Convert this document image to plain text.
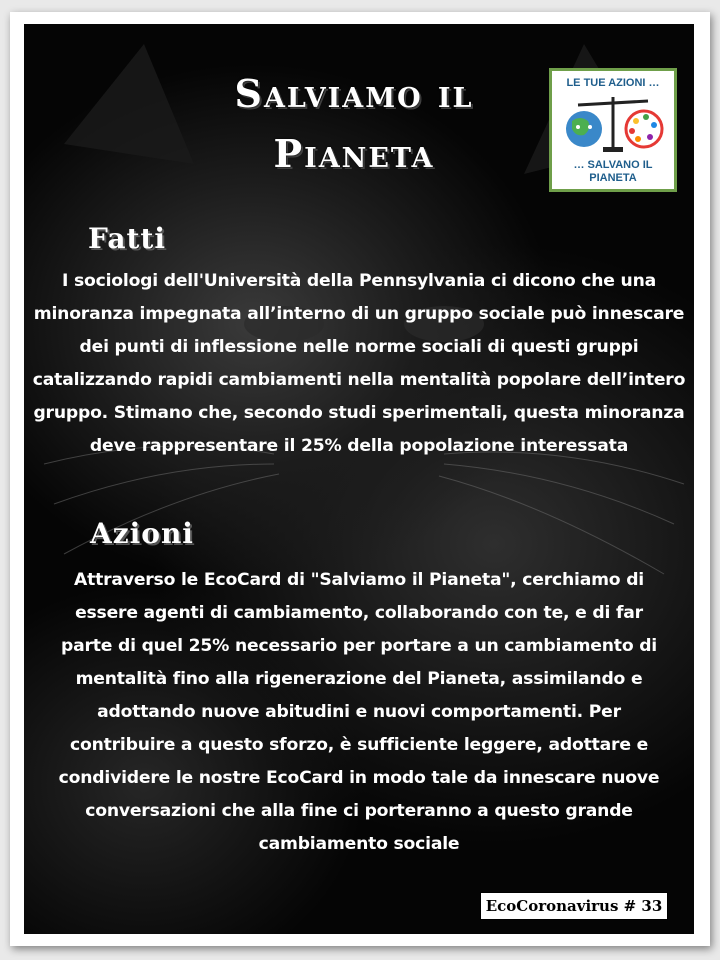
Salviamo il Pianeta
LE TUE AZIONI …
… SALVANO IL PIANETA
Fatti
I sociologi dell'Università della Pennsylvania ci dicono che una minoranza impegnata all’interno di un gruppo sociale può innescare dei punti di inflessione nelle norme sociali di questi gruppi catalizzando rapidi cambiamenti nella mentalità popolare dell’intero gruppo. Stimano che, secondo studi sperimentali, questa minoranza deve rappresentare il 25% della popolazione interessata
Azioni
Attraverso le EcoCard di "Salviamo il Pianeta", cerchiamo di essere agenti di cambiamento, collaborando con te, e di far parte di quel 25% necessario per portare a un cambiamento di mentalità fino alla rigenerazione del Pianeta, assimilando e adottando nuove abitudini e nuovi comportamenti. Per contribuire a questo sforzo, è sufficiente leggere, adottare e condividere le nostre EcoCard in modo tale da innescare nuove conversazioni che alla fine ci porteranno a questo grande cambiamento sociale
EcoCoronavirus # 33
